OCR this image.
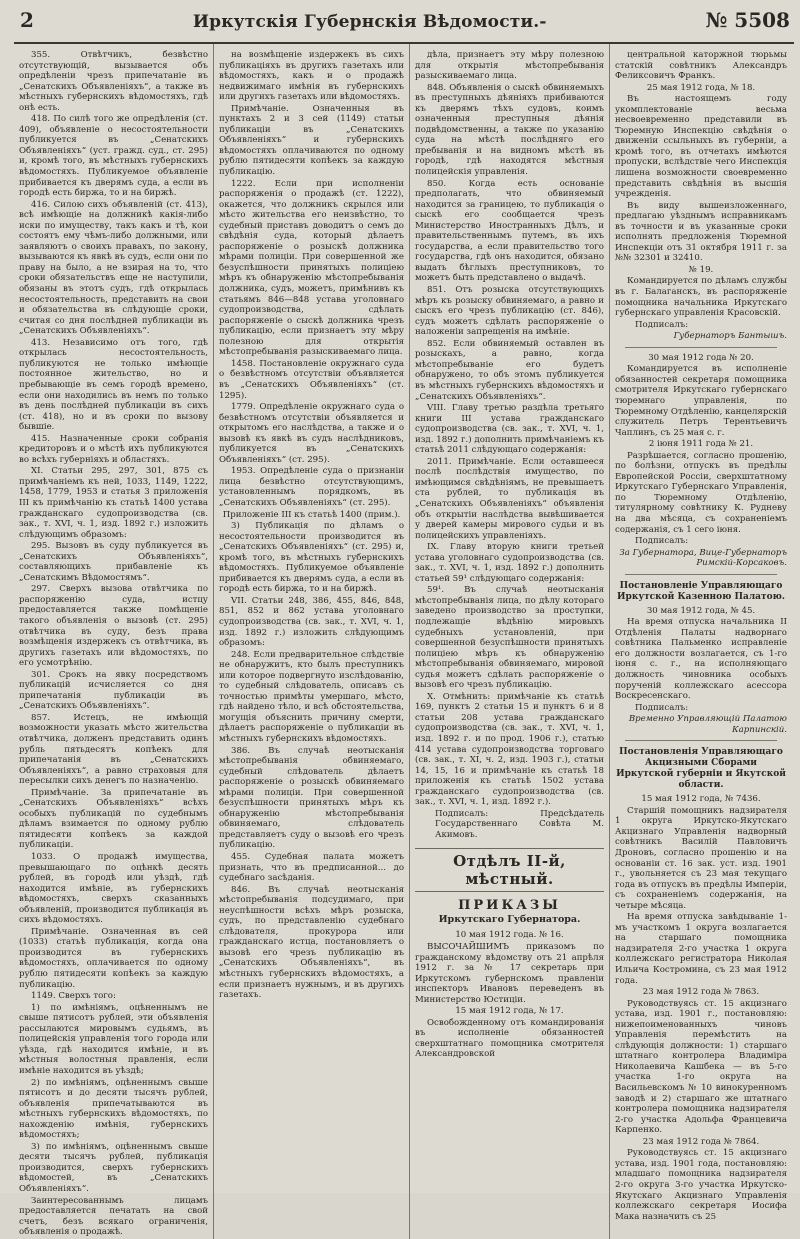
2	Иркутскія Губернскія Вѣдомости.-	№ 5508

355. Отвѣтчикъ, безвѣстно отсутствующій, вызывается объ опредѣленіи чрезъ припечатаніе въ „Сенатскихъ Объявленіяхъ“, а также въ мѣстныхъ губернскихъ вѣдомостяхъ, гдѣ онѣ есть.

418. По силѣ того же опредѣленія (ст. 409), объявленіе о несостоятельности публикуется въ „Сенатскихъ Объявленіяхъ“ (уст. гражд. суд., ст. 295) и, кромѣ того, въ мѣстныхъ губернскихъ вѣдомостяхъ. Публикуемое объявленіе прибивается къ дверямъ суда, а если въ городѣ есть биржа, то и на биржѣ.

416. Силою сихъ объявленій (ст. 413), всѣ имѣющіе на должникѣ какія-либо иски по имуществу, такъ какъ и тѣ, кои состоятъ ему чѣмъ-либо должными, или заявляютъ о своихъ правахъ, по закону, вызываются къ явкѣ въ судъ, если они по праву на было, а не взирая на то, что сроки обязательствъ еще не наступили, обязаны въ этотъ судъ, гдѣ открылась несостоятельность, представить на свои и обязательства въ слѣдующіе сроки, считая со дня послѣдней публикаціи въ „Сенатскихъ Объявленіяхъ“.

413. Независимо отъ того, гдѣ открылась несостоятельность, публикуются не только имѣющіе постоянное жительство, но и пребывающіе въ семъ городѣ времено, если они находились въ немъ по только въ день послѣдней публикаціи въ сихъ (ст. 418), но и въ сроки по вызову бывшіе.

415. Назначенные сроки собранія кредиторовъ и о мѣстѣ ихъ публикуются во всѣхъ губерніяхъ и областяхъ.

XI. Статьи 295, 297, 301, 875 съ примѣчаніемъ къ ней, 1033, 1149, 1222, 1458, 1779, 1953 и статья 3 приложенія III къ примѣчанію къ статьѣ 1400 устава гражданскаго судопроизводства (св. зак., т. XVI, ч. 1, изд. 1892 г.) изложить слѣдующимъ образомъ:

295. Вызовъ въ суду публикуется въ „Сенатскихъ Объявленіяхъ“, составляющихъ прибавленіе къ „Сенатскимъ Вѣдомостямъ“.

297. Сверхъ вызова отвѣтчика по распоряженію суда, истцу предоставляется также помѣщеніе такого объявленія о вызовѣ (ст. 295) отвѣтчика въ суду, безъ права возмѣщенія издержекъ съ отвѣтчика, въ другихъ газетахъ или вѣдомостяхъ, по его усмотрѣнію.

301. Срокъ на явку посредствомъ публикацій исчисляется со дня припечатанія публикаціи въ „Сенатскихъ Объявленіяхъ“.

857. Истецъ, не имѣющій возможности указать мѣсто жительства отвѣтчика, долженъ представить одинъ рубль пятьдесятъ копѣекъ для припечатанія въ „Сенатскихъ Объявленіяхъ“, а равно страховыя для пересылки сихъ денегъ по назначенію.

Примѣчаніе. За припечатаніе въ „Сенатскихъ Объявленіяхъ“ всѣхъ особыхъ публикацій по судебнымъ дѣламъ взимается по одному рублю пятидесяти копѣекъ за каждой публикаціи.

1033. О продажѣ имущества, превышающаго по оцѣнкѣ десять рублей, въ городѣ или уѣздѣ, гдѣ находится имѣніе, въ губернскихъ вѣдомостяхъ, сверхъ сказанныхъ объявленій, производится публикація въ сихъ вѣдомостяхъ.

Примѣчаніе. Означенная въ сей (1033) статьѣ публикація, когда она производится въ губернскихъ вѣдомостяхъ, оплачивается по одному рублю пятидесяти копѣекъ за каждую публикацію.

1149. Сверхъ того:

1) по имѣніямъ, оцѣненнымъ не свыше пятисотъ рублей, эти объявленія рассылаются мировымъ судьямъ, въ полицейскія управленія того города или уѣзда, гдѣ находится имѣніе, и въ мѣстныя волостныя правленія, если имѣніе находится въ уѣздѣ;

2) по имѣніямъ, оцѣненнымъ свыше пятисотъ и до десяти тысячъ рублей, объявленія припечатываются въ мѣстныхъ губернскихъ вѣдомостяхъ, по нахожденію имѣнія, губернскихъ вѣдомостяхъ;

3) по имѣніямъ, оцѣненнымъ свыше десяти тысячъ рублей, публикація производится, сверхъ губернскихъ вѣдомостей, въ „Сенатскихъ Объявленіяхъ“.

Заинтересованнымъ лицамъ предоставляется печатать на свой счетъ, безъ всякаго ограниченія, объявленія о продажѣ.

на возмѣщеніе издержекъ въ сихъ публикаціяхъ въ другихъ газетахъ или вѣдомостяхъ, какъ и о продажѣ недвижимаго имѣнія въ губернскихъ или другихъ газетахъ или вѣдомостяхъ.

Примѣчаніе. Означенныя въ пунктахъ 2 и 3 сей (1149) статьи публикаціи въ „Сенатскихъ Объявленіяхъ“ и губернскихъ вѣдомостяхъ оплачиваются по одному рублю пятидесяти копѣекъ за каждую публикацію.

1222. Если при исполненіи распоряженія о продажѣ (ст. 1222), окажется, что должникъ скрылся или мѣсто жительства его неизвѣстно, то судебный приставъ доводитъ о семъ до свѣдѣнія суда, который дѣлаетъ распоряженіе о розыскѣ должника мѣрами полиціи. При совершенной же безуспѣшности принятыхъ полиціею мѣръ къ обнаруженію мѣстопребыванія должника, судъ, можетъ, примѣнивъ къ статьямъ 846—848 устава уголовнаго судопроизводства, сдѣлать распоряженіе о сыскѣ должника чрезъ публикацію, если признаетъ эту мѣру полезною для открытія мѣстопребыванія разыскиваемаго лица.

1458. Постановленіе окружнаго суда о безвѣстномъ отсутствіи объявляется въ „Сенатскихъ Объявленіяхъ“ (ст. 1295).

1779. Опредѣленіе окружнаго суда о безвѣстномъ отсутствіи объявляется и открытомъ его наслѣдства, а также и о вызовѣ къ явкѣ въ судъ наслѣдниковъ, публикуется въ „Сенатскихъ Объявленіяхъ“ (ст. 295).

1953. Опредѣленіе суда о признаніи лица безвѣстно отсутствующимъ, установленнымъ порядкомъ, въ „Сенатскихъ Объявленіяхъ“ (ст. 295).

Приложеніе III къ статьѣ 1400 (прим.).

3) Публикація по дѣламъ о несостоятельности производится въ „Сенатскихъ Объявленіяхъ“ (ст. 295) и, кромѣ того, въ мѣстныхъ губернскихъ вѣдомостяхъ. Публикуемое объявленіе прибивается къ дверямъ суда, а если въ городѣ есть биржа, то и на биржѣ.

VII. Статьи 248, 386, 455, 846, 848, 851, 852 и 862 устава уголовнаго судопроизводства (св. зак., т. XVI, ч. 1, изд. 1892 г.) изложить слѣдующимъ образомъ:

248. Если предварительное слѣдствіе не обнаружитъ, кто былъ преступникъ или которое подвергнуто изслѣдованію, то судебный слѣдователь, описавъ съ точностью примѣты умершаго, мѣсто, гдѣ найдено тѣло, и всѣ обстоятельства, могущія объяснить причину смерти, дѣлаетъ распоряженіе о публикаціи въ мѣстныхъ губернскихъ вѣдомостяхъ.

386. Въ случаѣ неотысканія мѣстопребыванія обвиняемаго, судебный слѣдователь дѣлаетъ распоряженіе о розыскѣ обвиняемаго мѣрами полиціи. При совершенной безуспѣшности принятыхъ мѣръ къ обнаруженію мѣстопребыванія обвиняемаго, слѣдователь представляетъ суду о вызовѣ его чрезъ публикацію.

455. Судебная палата можетъ признать, что въ предписанной... до судебнаго засѣданія.

846. Въ случаѣ неотысканія мѣстопребыванія подсудимаго, при неуспѣшности всѣхъ мѣръ розыска, судъ, по представленію судебнаго слѣдователя, прокурора или гражданскаго истца, постановляетъ о вызовѣ его чрезъ публикацію въ „Сенатскихъ Объявленіяхъ“, въ мѣстныхъ губернскихъ вѣдомостяхъ, а если признаетъ нужнымъ, и въ другихъ газетахъ.

дѣла, признаетъ эту мѣру полезною для открытія мѣстопребыванія разыскиваемаго лица.

848. Объявленія о сыскѣ обвиняемыхъ въ преступныхъ дѣяніяхъ прибиваются къ дверямъ тѣхъ судовъ, коимъ означенныя преступныя дѣянія подвѣдомственны, а также по указанію суда на мѣстѣ послѣдняго его пребыванія и на видномъ мѣстѣ въ городѣ, гдѣ находятся мѣстныя полицейскія управленія.

850. Когда есть основаніе предполагать, что обвиняемый находится за границею, то публикація о сыскѣ его сообщается чрезъ Министерство Иностранныхъ Дѣлъ, и правительственнымъ путемъ, въ ихъ государства, а если правительство того государства, гдѣ онъ находится, обязано выдать бѣглыхъ преступниковъ, то можетъ быть представлено о выдачѣ.

851. Отъ розыска отсутствующихъ мѣръ къ розыску обвиняемаго, а равно и сыскъ его чрезъ публикацію (ст. 846), судъ можетъ сдѣлать распоряженіе о наложеніи запрещенія на имѣніе.

852. Если обвиняемый оставлен въ розыскахъ, а равно, когда мѣстопребываніе его будетъ обнаружено, то объ этомъ публикуется въ мѣстныхъ губернскихъ вѣдомостяхъ и „Сенатскихъ Объявленіяхъ“.

VIII. Главу третью раздѣла третьяго книги III устава гражданскаго судопроизводства (св. зак., т. XVI, ч. 1, изд. 1892 г.) дополнить примѣчаніемъ къ статьѣ 2011 слѣдующаго содержанія:

2011. Примѣчаніе. Если оставшееся послѣ послѣдствія имущество, по имѣющимся свѣдѣніямъ, не превышаетъ ста рублей, то публикація въ „Сенатскихъ Объявленіяхъ“ объявленія объ открытіи наслѣдства вывѣшивается у дверей камеры мирового судьи и въ полицейскихъ управленіяхъ.

IX. Главу вторую книги третьей устава уголовнаго судопроизводства (св. зак., т. XVI, ч. 1, изд. 1892 г.) дополнить статьей 59¹ слѣдующаго содержанія:

59¹. Въ случаѣ неотысканія мѣстопребыванія лица, по дѣлу котораго заведено производство за проступки, подлежащіе вѣдѣнію мировыхъ судебныхъ установленій, при совершенной безуспѣшности принятыхъ полиціею мѣръ къ обнаруженію мѣстопребыванія обвиняемаго, мировой судья можетъ сдѣлать распоряженіе о вызовѣ его чрезъ публикацію.

X. Отмѣнить: примѣчаніе къ статьѣ 169, пунктъ 2 статьи 15 и пунктъ 6 и 8 статьи 208 устава гражданскаго судопроизводства (св. зак., т. XVI, ч. 1, изд. 1892 г. и по прод. 1906 г.), статью 414 устава судопроизводства торговаго (св. зак., т. XI, ч. 2, изд. 1903 г.), статьи 14, 15, 16 и примѣчаніе къ статьѣ 18 приложенія къ статьѣ 1502 устава гражданскаго судопроизводства (св. зак., т. XVI, ч. 1, изд. 1892 г.).

Подписалъ: Предсѣдатель Государственнаго Совѣта М. Акимовъ.

Отдѣлъ II-й, мѣстный.

ПРИКАЗЫ

Иркутскаго Губернатора.

10 мая 1912 года. № 16.

ВЫСОЧАЙШИМЪ приказомъ по гражданскому вѣдомству отъ 21 апрѣля 1912 г. за № 17 секретарь при Иркутскомъ губернскомъ правленіи инспекторъ Ивановъ переведенъ въ Министерство Юстиціи.

15 мая 1912 года, № 17.

Освобожденному отъ командированія въ исполненіе обязанностей сверхштатнаго помощника смотрителя Александровской

центральной каторжной тюрьмы статскій совѣтникъ Александръ Феликсовичъ Франкъ.

25 мая 1912 года, № 18.

Въ настоящемъ году укомплектованіе весьма несвоевременно представили въ Тюремную Инспекцію свѣдѣнія о движеніи ссыльныхъ въ губерніи, а кромѣ того, въ отчетахъ имѣются пропуски, вслѣдствіе чего Инспекція лишена возможности своевременно представить свѣдѣнія въ высшія учрежденія.

Въ виду вышеизложеннаго, предлагаю уѣзднымъ исправникамъ въ точности и въ указанные сроки исполнять предложенія Тюремной Инспекціи отъ 31 октября 1911 г. за №№ 32301 и 32410.

№ 19.

Командируется по дѣламъ службы въ г. Балаганскъ, въ распоряженіе помощника начальника Иркутскаго губернскаго управленія Красовскій.

Подписалъ:

Губернаторъ Бантышъ.

30 мая 1912 года № 20.

Командируется въ исполненіе обязанностей секретаря помощника смотрителя Иркутскаго губернскаго тюремнаго управленія, по Тюремному Отдѣленію, канцелярскій служитель Петръ Терентьевичъ Чаплинъ, съ 25 мая с. г.

2 іюня 1911 года № 21.

Разрѣшается, согласно прошенію, по болѣзни, отпускъ въ предѣлы Европейской Россіи, сверхштатному Иркутскаго Губернскаго Управленія, по Тюремному Отдѣленію, титулярному совѣтнику К. Рудневу на два мѣсяца, съ сохраненіемъ содержанія, съ 1 сего іюня.

Подписалъ:

За Губернатора, Вице-Губернаторъ Римскій-Корсаковъ.

Постановленіе Управляющаго Иркутской Казенною Палатою.

30 мая 1912 года, № 45.

На время отпуска начальника II Отдѣленія Палаты надворнаго совѣтника Пальменко исправленіе его должности возлагается, съ 1-го іюня с. г., на исполняющаго должность чиновника особыхъ порученій коллежскаго асессора Воскресенскаго.

Подписалъ:

Временно Управляющій Палатою Карпинскій.

Постановленія Управляющаго Акцизными Сборами Иркутской губерніи и Якутской области.

15 мая 1912 года, № 7436.

Старшій помощникъ надзирателя 1 округа Иркутско-Якутскаго Акцизнаго Управленія надворный совѣтникъ Василій Павловичъ Дроновъ, согласно прошенію и на основаніи ст. 16 зак. уст. изд. 1901 г., увольняется съ 23 мая текущаго года въ отпускъ въ предѣлы Имперіи, съ сохраненіемъ содержанія, на четыре мѣсяца.

На время отпуска завѣдываніе 1-мъ участкомъ 1 округа возлагается на старшаго помощника надзирателя 2-го участка 1 округа коллежскаго регистратора Николая Ильича Костромина, съ 23 мая 1912 года.

23 мая 1912 года № 7863.

Руководствуясь ст. 15 акцизнаго устава, изд. 1901 г., постановляю: нижепоименованныхъ чиновъ Управленія перемѣстить на слѣдующія должности: 1) старшаго штатнаго контролера Владиміра Николаевича Кашбека — въ 5-го участка 1-го округа на Васильевскомъ № 10 винокуренномъ заводѣ и 2) старшаго же штатнаго контролера помощника надзирателя 2-го участка Адольфа Францевича Карпенко.

23 мая 1912 года № 7864.

Руководствуясь ст. 15 акцизнаго устава, изд. 1901 года, постановляю: младшаго помощника надзирателя 2-го округа 3-го участка Иркутско-Якутскаго Акцизнаго Управленія коллежскаго секретаря Иосифа Мака назначить съ 25
